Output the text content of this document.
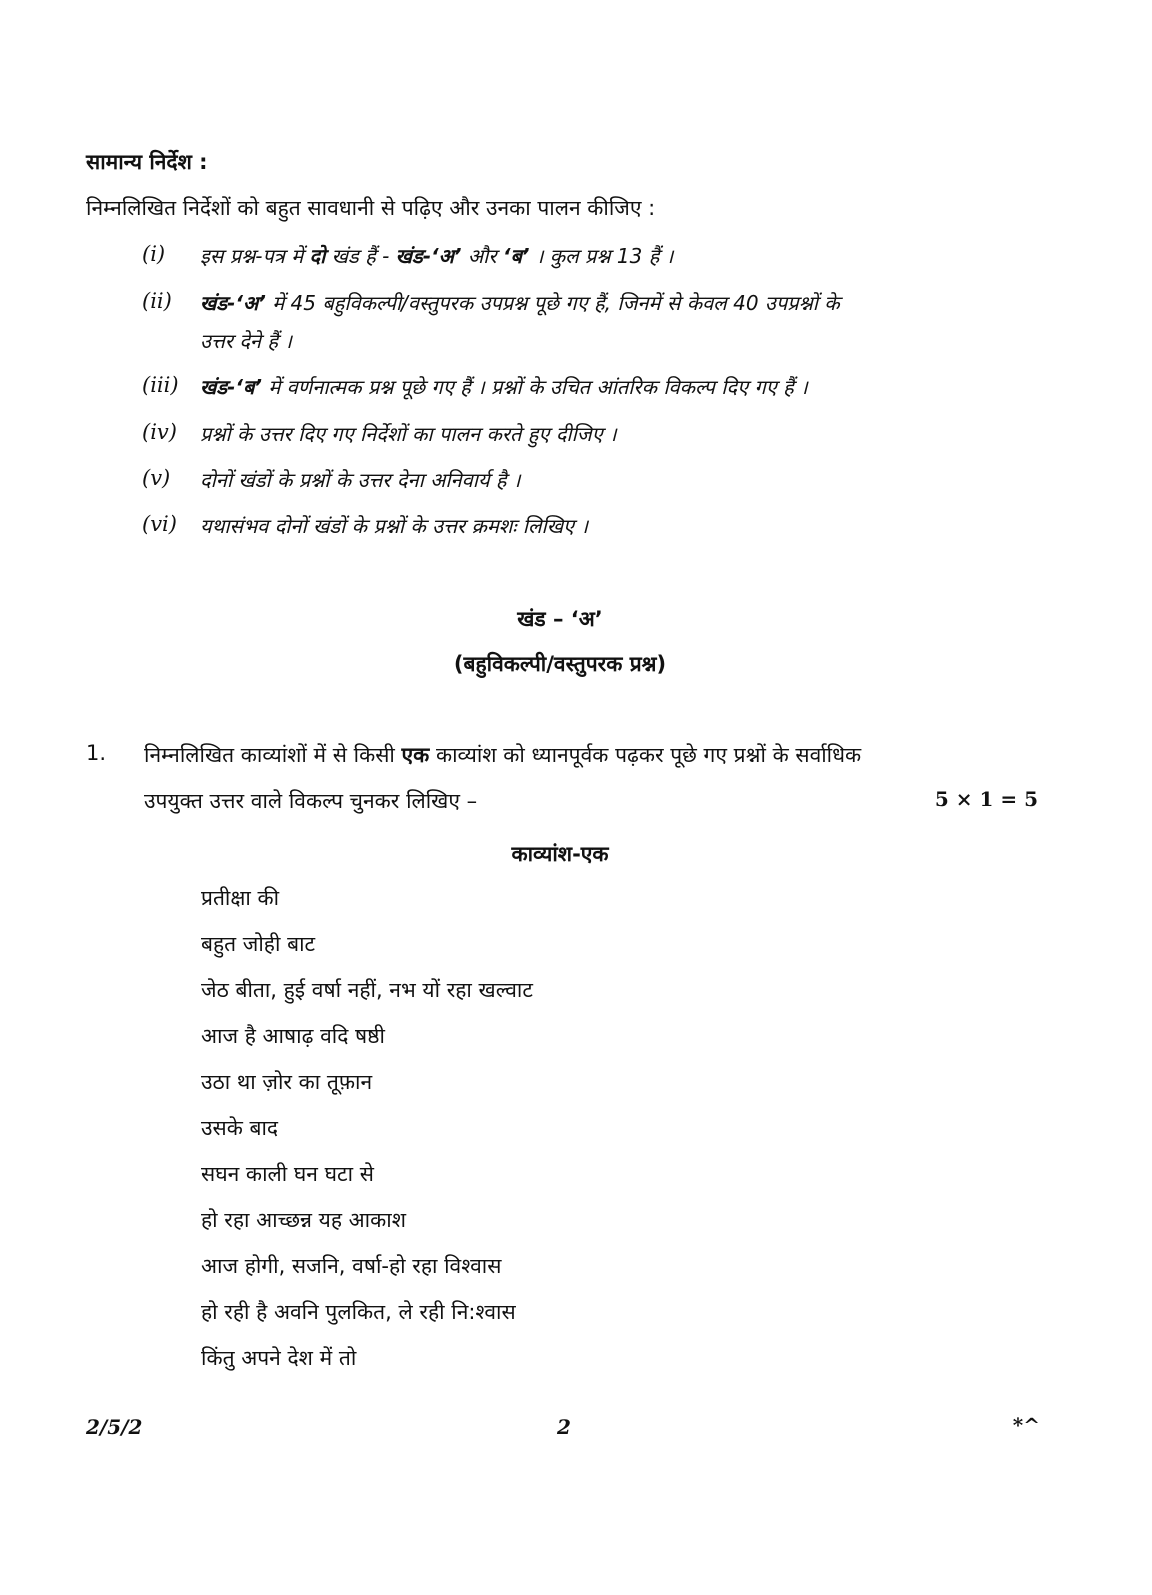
सामान्य निर्देश :
निम्नलिखित निर्देशों को बहुत सावधानी से पढ़िए और उनका पालन कीजिए :
(i) इस प्रश्न-पत्र में दो खंड हैं - खंड-‘अ’ और ‘ब’ । कुल प्रश्न 13 हैं ।
(ii) खंड-‘अ’ में 45 बहुविकल्पी/वस्तुपरक उपप्रश्न पूछे गए हैं, जिनमें से केवल 40 उपप्रश्नों के
उत्तर देने हैं ।
(iii) खंड-‘ब’ में वर्णनात्मक प्रश्न पूछे गए हैं । प्रश्नों के उचित आंतरिक विकल्प दिए गए हैं ।
(iv) प्रश्नों के उत्तर दिए गए निर्देशों का पालन करते हुए दीजिए ।
(v) दोनों खंडों के प्रश्नों के उत्तर देना अनिवार्य है ।
(vi) यथासंभव दोनों खंडों के प्रश्नों के उत्तर क्रमशः लिखिए ।
खंड – ‘अ’
(बहुविकल्पी/वस्तुपरक प्रश्न)
1. निम्नलिखित काव्यांशों में से किसी एक काव्यांश को ध्यानपूर्वक पढ़कर पूछे गए प्रश्नों के सर्वाधिक
उपयुक्त उत्तर वाले विकल्प चुनकर लिखिए –	5 × 1 = 5
काव्यांश-एक
प्रतीक्षा की
बहुत जोही बाट
जेठ बीता, हुई वर्षा नहीं, नभ यों रहा खल्वाट
आज है आषाढ़ वदि षष्ठी
उठा था ज़ोर का तूफ़ान
उसके बाद
सघन काली घन घटा से
हो रहा आच्छन्न यह आकाश
आज होगी, सजनि, वर्षा-हो रहा विश्वास
हो रही है अवनि पुलकित, ले रही नि:श्वास
किंतु अपने देश में तो
2/5/2	2	*^
